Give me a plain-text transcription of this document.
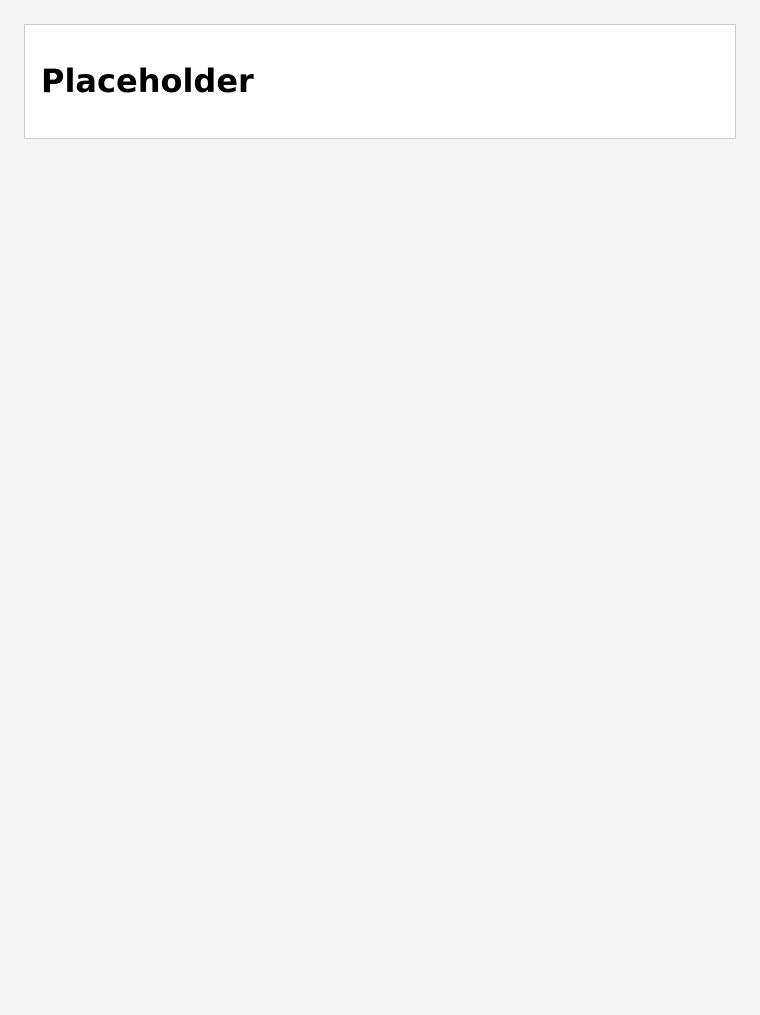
Placeholder
